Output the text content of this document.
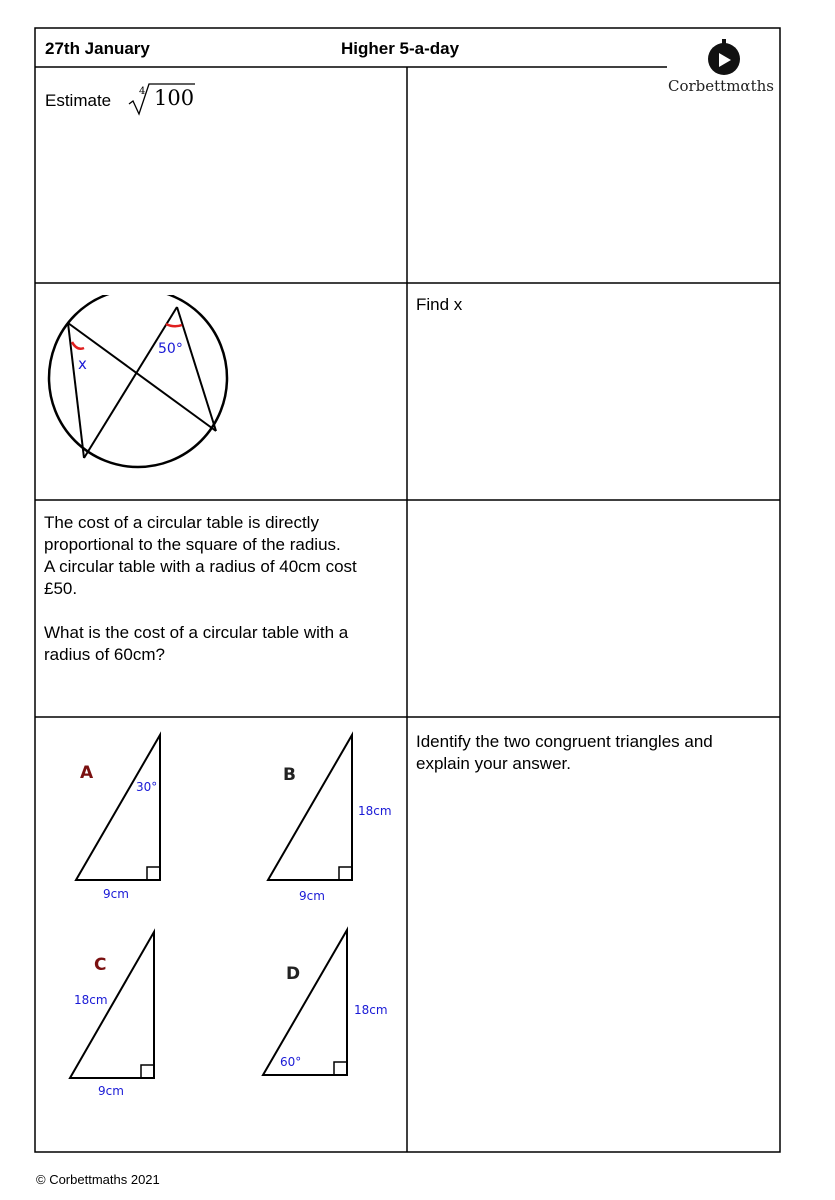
27th January	Higher 5-a-day
Corbettmαths
Estimate	4 100
x
50°
Find x
The cost of a circular table is directly
proportional to the square of the radius.
A circular table with a radius of 40cm cost
£50.
What is the cost of a circular table with a
radius of 60cm?
A
30°
9cm
B
18cm
9cm
C
18cm
9cm
D
60°
18cm
Identify the two congruent triangles and
explain your answer.
© Corbettmaths 2021
